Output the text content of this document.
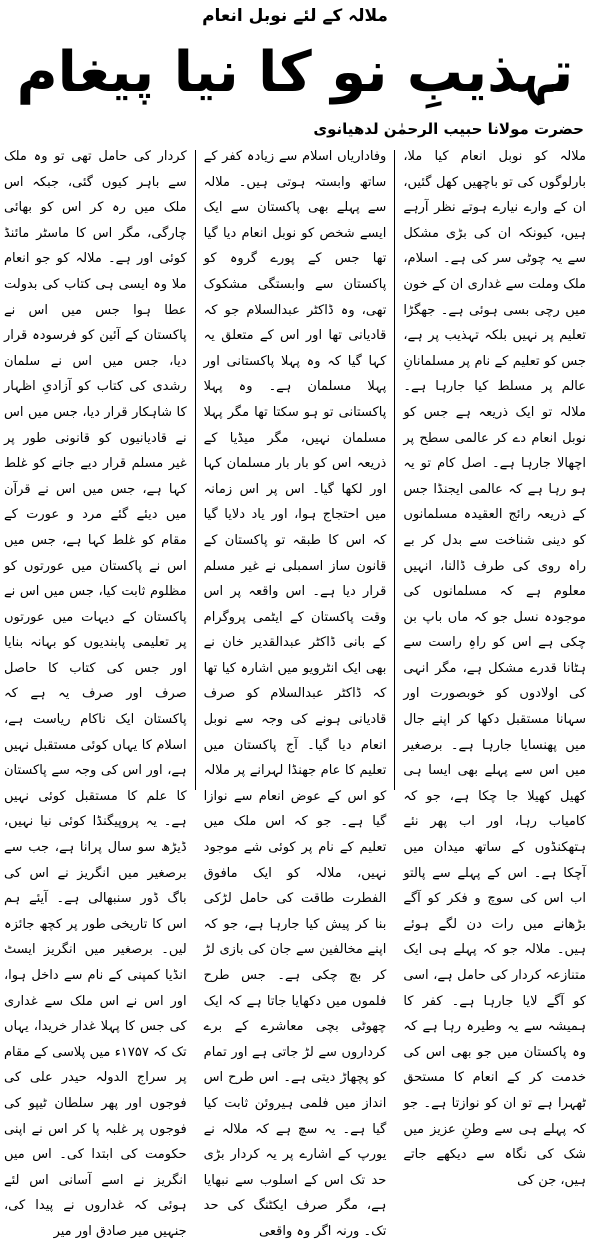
ملالہ کے لئے نوبل انعام
تہذیبِ نو کا نیا پیغام
حضرت مولانا حبیب الرحمٰن لدھیانوی

ملالہ کو نوبل انعام کیا ملا، بارلوگوں کی تو باچھیں کھل گئیں، ان کے وارے نیارے ہوتے نظر آرہے ہیں، کیونکہ ان کی بڑی مشکل سے یہ چوٹی سر کی ہے۔ اسلام، ملک وملت سے غداری ان کے خون میں رچی بسی ہوئی ہے۔ جھگڑا تعلیم پر نہیں بلکہ تہذیب پر ہے، جس کو تعلیم کے نام پر مسلمانانِ عالم پر مسلط کیا جارہا ہے۔ ملالہ تو ایک ذریعہ ہے جس کو نوبل انعام دے کر عالمی سطح پر اچھالا جارہا ہے۔ اصل کام تو یہ ہو رہا ہے کہ عالمی ایجنڈا جس کے ذریعہ رائج العقیدہ مسلمانوں کو دینی شناخت سے بدل کر بے راہ روی کی طرف ڈالنا، انہیں معلوم ہے کہ مسلمانوں کی موجودہ نسل جو کہ ماں باپ بن چکی ہے اس کو راہِ راست سے ہٹانا قدرے مشکل ہے، مگر انہی کی اولادوں کو خوبصورت اور سہانا مستقبل دکھا کر اپنے جال میں پھنسایا جارہا ہے۔ برصغیر میں اس سے پہلے بھی ایسا ہی کھیل کھیلا جا چکا ہے، جو کہ کامیاب رہا، اور اب پھر نئے ہتھکنڈوں کے ساتھ میدان میں آچکا ہے۔ اس کے پہلے سے پالتو اب اس کی سوچ و فکر کو آگے بڑھانے میں رات دن لگے ہوئے ہیں۔ ملالہ جو کہ پہلے ہی ایک متنازعہ کردار کی حامل ہے، اسی کو آگے لایا جارہا ہے۔ کفر کا ہمیشہ سے یہ وطیرہ رہا ہے کہ وہ پاکستان میں جو بھی اس کی خدمت کر کے انعام کا مستحق ٹھہرا ہے تو ان کو نوازتا ہے۔ جو کہ پہلے ہی سے وطنِ عزیز میں شک کی نگاہ سے دیکھے جاتے ہیں، جن کی

وفاداریاں اسلام سے زیادہ کفر کے ساتھ وابستہ ہوتی ہیں۔ ملالہ سے پہلے بھی پاکستان سے ایک ایسے شخص کو نوبل انعام دیا گیا تھا جس کے پورے گروہ کو پاکستان سے وابستگی مشکوک تھی، وہ ڈاکٹر عبدالسلام جو کہ قادیانی تھا اور اس کے متعلق یہ کہا گیا کہ وہ پہلا پاکستانی اور پہلا مسلمان ہے۔ وہ پہلا پاکستانی تو ہو سکتا تھا مگر پہلا مسلمان نہیں، مگر میڈیا کے ذریعہ اس کو بار بار مسلمان کہا اور لکھا گیا۔ اس پر اس زمانہ میں احتجاج ہوا، اور یاد دلایا گیا کہ اس کا طبقہ تو پاکستان کے قانون ساز اسمبلی نے غیر مسلم قرار دیا ہے۔ اس واقعہ پر اس وقت پاکستان کے ایٹمی پروگرام کے بانی ڈاکٹر عبدالقدیر خان نے بھی ایک انٹرویو میں اشارہ کیا تھا کہ ڈاکٹر عبدالسلام کو صرف قادیانی ہونے کی وجہ سے نوبل انعام دیا گیا۔ آج پاکستان میں تعلیم کا عام جھنڈا لہرانے پر ملالہ کو اس کے عوض انعام سے نوازا گیا ہے۔ جو کہ اس ملک میں تعلیم کے نام پر کوئی شے موجود نہیں، ملالہ کو ایک مافوق الفطرت طاقت کی حامل لڑکی بنا کر پیش کیا جارہا ہے، جو کہ اپنے مخالفین سے جان کی بازی لڑ کر بچ چکی ہے۔ جس طرح فلموں میں دکھایا جاتا ہے کہ ایک چھوٹی بچی معاشرے کے برے کرداروں سے لڑ جاتی ہے اور تمام کو پچھاڑ دیتی ہے۔ اس طرح اس انداز میں فلمی ہیروئن ثابت کیا گیا ہے۔ یہ سچ ہے کہ ملالہ نے یورپ کے اشارے پر یہ کردار بڑی حد تک اس کے اسلوب سے نبھایا ہے، مگر صرف ایکٹنگ کی حد تک۔ ورنہ اگر وہ واقعی

کردار کی حامل تھی تو وہ ملک سے باہر کیوں گئی، جبکہ اس ملک میں رہ کر اس کو بھائی چارگی، مگر اس کا ماسٹر مائنڈ کوئی اور ہے۔ ملالہ کو جو انعام ملا وہ ایسی ہی کتاب کی بدولت عطا ہوا جس میں اس نے پاکستان کے آئین کو فرسودہ قرار دیا، جس میں اس نے سلمان رشدی کی کتاب کو آزادیِ اظہار کا شاہکار قرار دیا، جس میں اس نے قادیانیوں کو قانونی طور پر غیر مسلم قرار دیے جانے کو غلط کہا ہے، جس میں اس نے قرآن میں دیئے گئے مرد و عورت کے مقام کو غلط کہا ہے، جس میں اس نے پاکستان میں عورتوں کو مظلوم ثابت کیا، جس میں اس نے پاکستان کے دیہات میں عورتوں پر تعلیمی پابندیوں کو بہانہ بنایا اور جس کی کتاب کا حاصل صرف اور صرف یہ ہے کہ پاکستان ایک ناکام ریاست ہے، اسلام کا یہاں کوئی مستقبل نہیں ہے، اور اس کی وجہ سے پاکستان کا علم کا مستقبل کوئی نہیں ہے۔ یہ پروپیگنڈا کوئی نیا نہیں، ڈیڑھ سو سال پرانا ہے، جب سے برصغیر میں انگریز نے اس کی باگ ڈور سنبھالی ہے۔ آیئے ہم اس کا تاریخی طور پر کچھ جائزہ لیں۔ برصغیر میں انگریز ایسٹ انڈیا کمپنی کے نام سے داخل ہوا، اور اس نے اس ملک سے غداری کی جس کا پہلا غدار خریدا، یہاں تک کہ ۱۷۵۷ء میں پلاسی کے مقام پر سراج الدولہ حیدر علی کی فوجوں اور پھر سلطان ٹیپو کی فوجوں پر غلبہ پا کر اس نے اپنی حکومت کی ابتدا کی۔ اس میں انگریز نے اسے آسانی اس لئے ہوئی کہ غداروں نے پیدا کی، جنہیں میر صادق اور میر
